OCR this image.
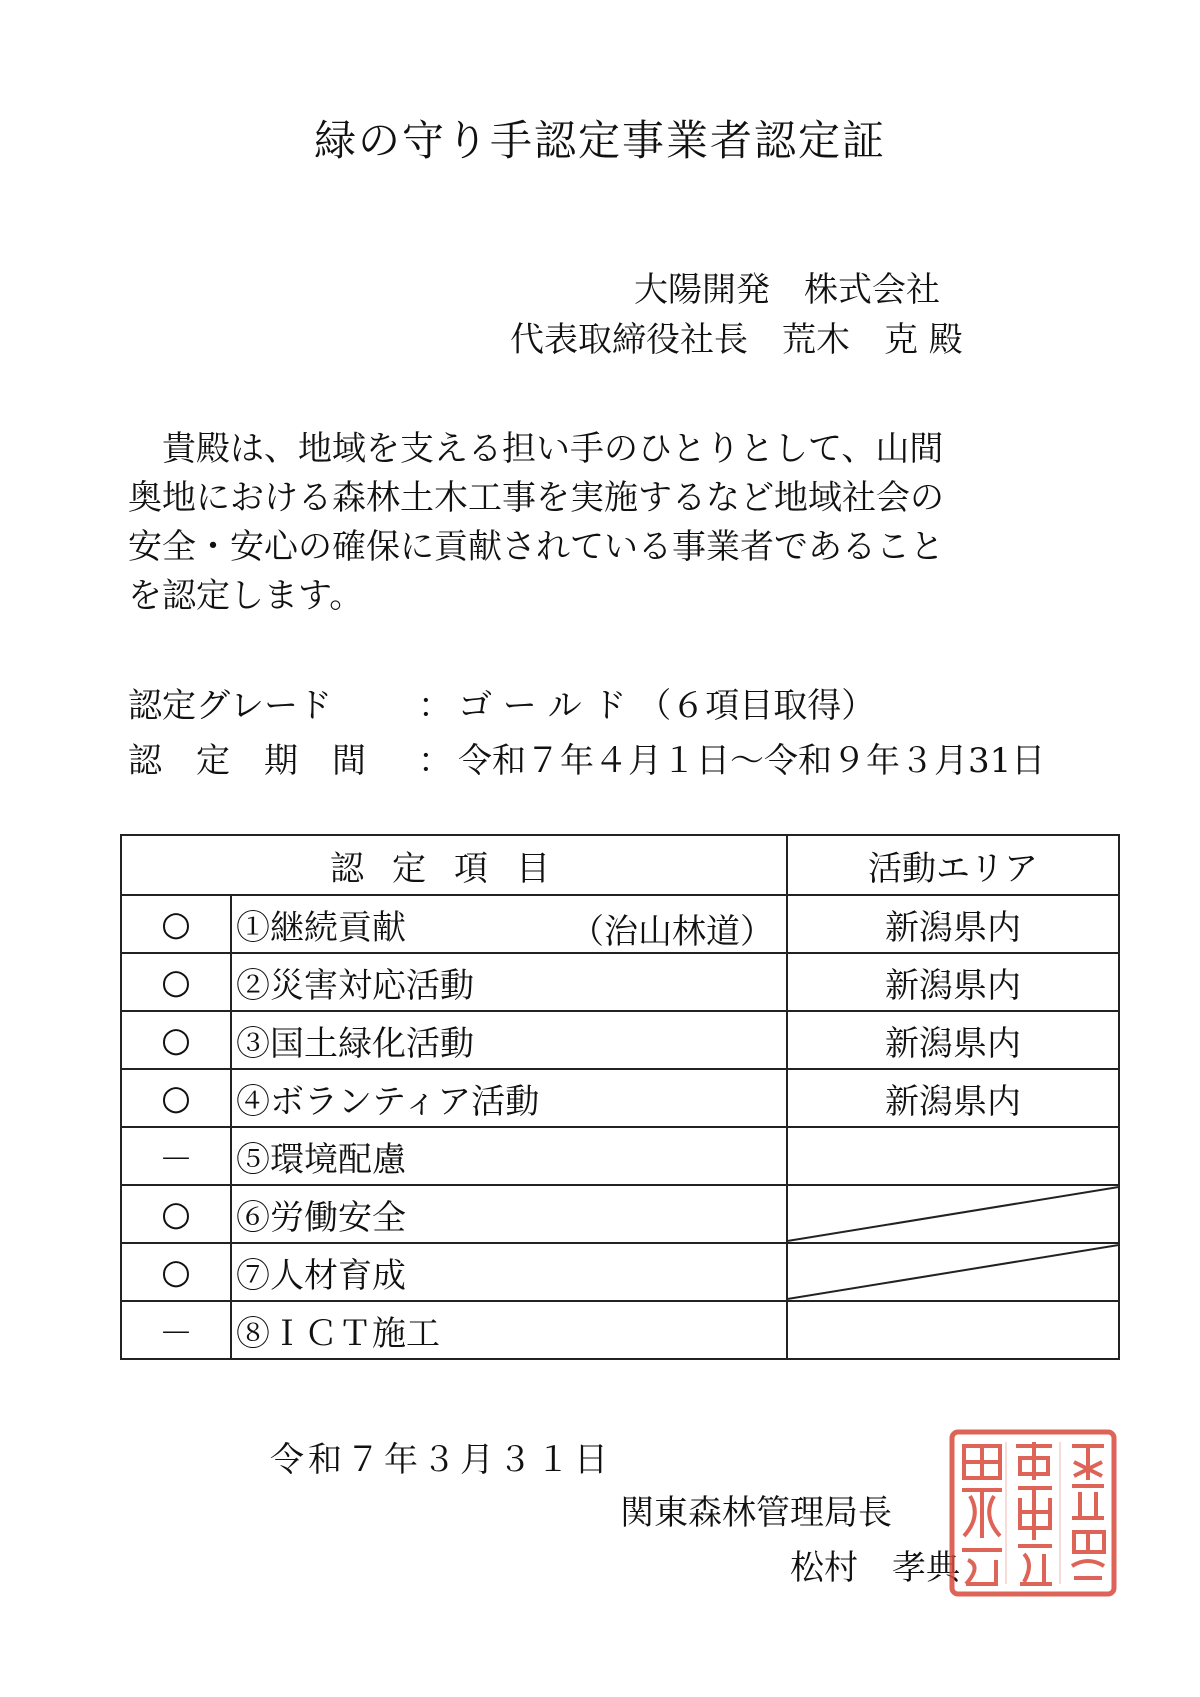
緑の守り手認定事業者認定証
大陽開発　株式会社
代表取締役社長　荒木　克 殿
　貴殿は、地域を支える担い手のひとりとして、山間
奥地における森林土木工事を実施するなど地域社会の
安全・安心の確保に貢献されている事業者であること
を認定します。
認定グレード	： ゴ ー ル ド （６項目取得）
認　定　期　間 ： 令和７年４月１日～令和９年３月31日
認定項目		活動エリア
○	①継続貢献 （治山林道）	新潟県内
○	②災害対応活動	新潟県内
○	③国土緑化活動	新潟県内
○	④ボランティア活動	新潟県内
－	⑤環境配慮	
○	⑥労働安全	

○	⑦人材育成	

－	⑧ＩＣＴ施工	
令和７年３月３１日
関東森林管理局長
松村　孝典
